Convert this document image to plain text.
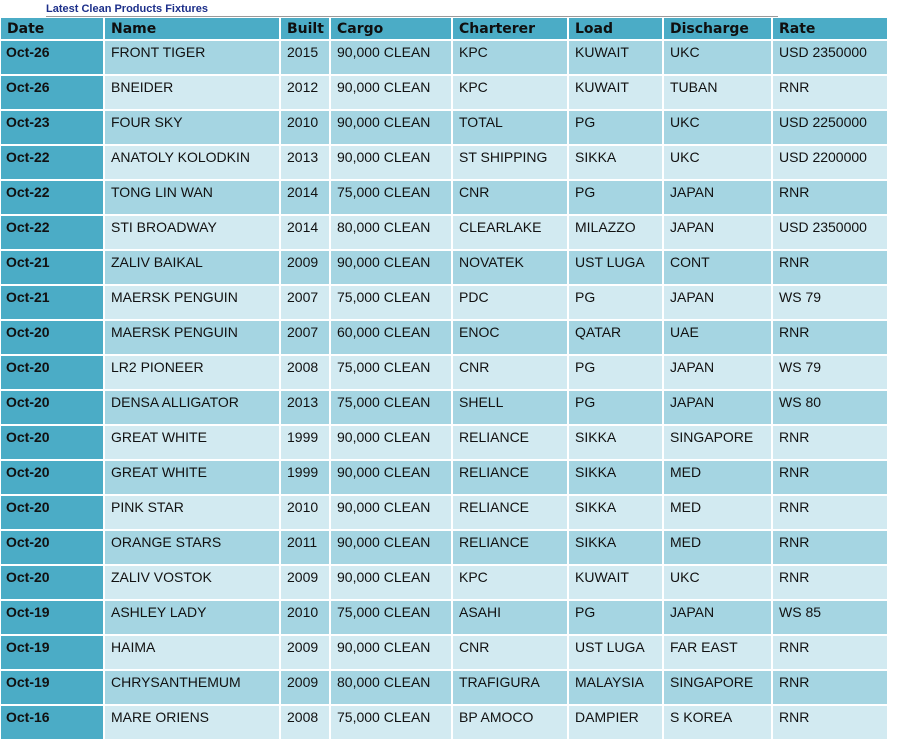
Latest Clean Products Fixtures
Date	Name	Built	Cargo	Charterer	Load	Discharge	Rate
Oct-26	FRONT TIGER	2015	90,000 CLEAN	KPC	KUWAIT	UKC	USD 2350000
Oct-26	BNEIDER	2012	90,000 CLEAN	KPC	KUWAIT	TUBAN	RNR
Oct-23	FOUR SKY	2010	90,000 CLEAN	TOTAL	PG	UKC	USD 2250000
Oct-22	ANATOLY KOLODKIN	2013	90,000 CLEAN	ST SHIPPING	SIKKA	UKC	USD 2200000
Oct-22	TONG LIN WAN	2014	75,000 CLEAN	CNR	PG	JAPAN	RNR
Oct-22	STI BROADWAY	2014	80,000 CLEAN	CLEARLAKE	MILAZZO	JAPAN	USD 2350000
Oct-21	ZALIV BAIKAL	2009	90,000 CLEAN	NOVATEK	UST LUGA	CONT	RNR
Oct-21	MAERSK PENGUIN	2007	75,000 CLEAN	PDC	PG	JAPAN	WS 79
Oct-20	MAERSK PENGUIN	2007	60,000 CLEAN	ENOC	QATAR	UAE	RNR
Oct-20	LR2 PIONEER	2008	75,000 CLEAN	CNR	PG	JAPAN	WS 79
Oct-20	DENSA ALLIGATOR	2013	75,000 CLEAN	SHELL	PG	JAPAN	WS 80
Oct-20	GREAT WHITE	1999	90,000 CLEAN	RELIANCE	SIKKA	SINGAPORE	RNR
Oct-20	GREAT WHITE	1999	90,000 CLEAN	RELIANCE	SIKKA	MED	RNR
Oct-20	PINK STAR	2010	90,000 CLEAN	RELIANCE	SIKKA	MED	RNR
Oct-20	ORANGE STARS	2011	90,000 CLEAN	RELIANCE	SIKKA	MED	RNR
Oct-20	ZALIV VOSTOK	2009	90,000 CLEAN	KPC	KUWAIT	UKC	RNR
Oct-19	ASHLEY LADY	2010	75,000 CLEAN	ASAHI	PG	JAPAN	WS 85
Oct-19	HAIMA	2009	90,000 CLEAN	CNR	UST LUGA	FAR EAST	RNR
Oct-19	CHRYSANTHEMUM	2009	80,000 CLEAN	TRAFIGURA	MALAYSIA	SINGAPORE	RNR
Oct-16	MARE ORIENS	2008	75,000 CLEAN	BP AMOCO	DAMPIER	S KOREA	RNR
